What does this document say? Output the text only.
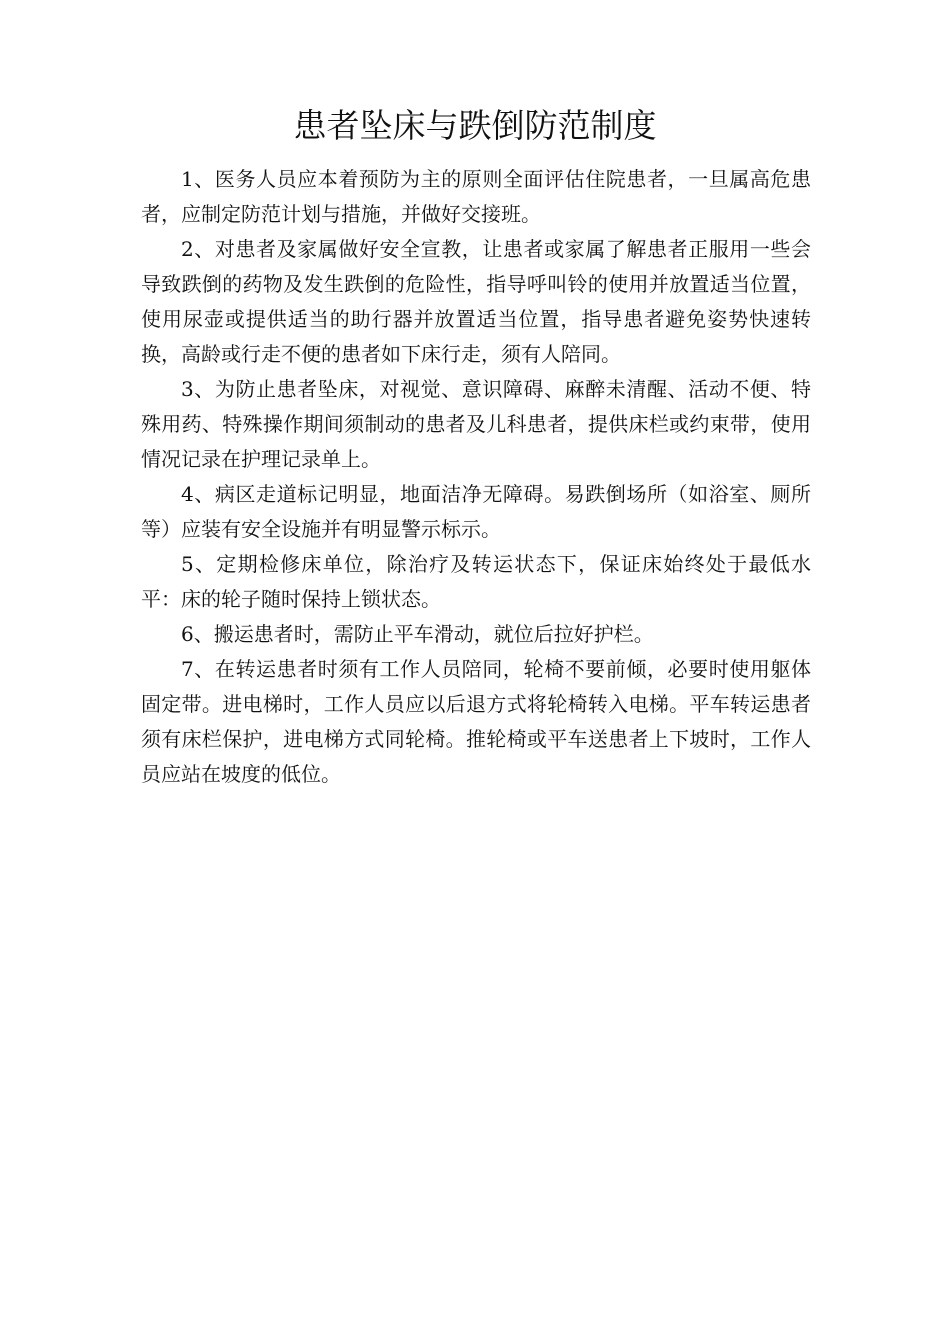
患者坠床与跌倒防范制度

1、医务人员应本着预防为主的原则全面评估住院患者，一旦属高危患者，应制定防范计划与措施，并做好交接班。

2、对患者及家属做好安全宣教，让患者或家属了解患者正服用一些会导致跌倒的药物及发生跌倒的危险性，指导呼叫铃的使用并放置适当位置，使用尿壶或提供适当的助行器并放置适当位置，指导患者避免姿势快速转换，高龄或行走不便的患者如下床行走，须有人陪同。

3、为防止患者坠床，对视觉、意识障碍、麻醉未清醒、活动不便、特殊用药、特殊操作期间须制动的患者及儿科患者，提供床栏或约束带，使用情况记录在护理记录单上。

4、病区走道标记明显，地面洁净无障碍。易跌倒场所（如浴室、厕所等）应装有安全设施并有明显警示标示。

5、定期检修床单位，除治疗及转运状态下，保证床始终处于最低水平：床的轮子随时保持上锁状态。

6、搬运患者时，需防止平车滑动，就位后拉好护栏。

7、在转运患者时须有工作人员陪同，轮椅不要前倾，必要时使用躯体固定带。进电梯时，工作人员应以后退方式将轮椅转入电梯。平车转运患者须有床栏保护，进电梯方式同轮椅。推轮椅或平车送患者上下坡时，工作人员应站在坡度的低位。
